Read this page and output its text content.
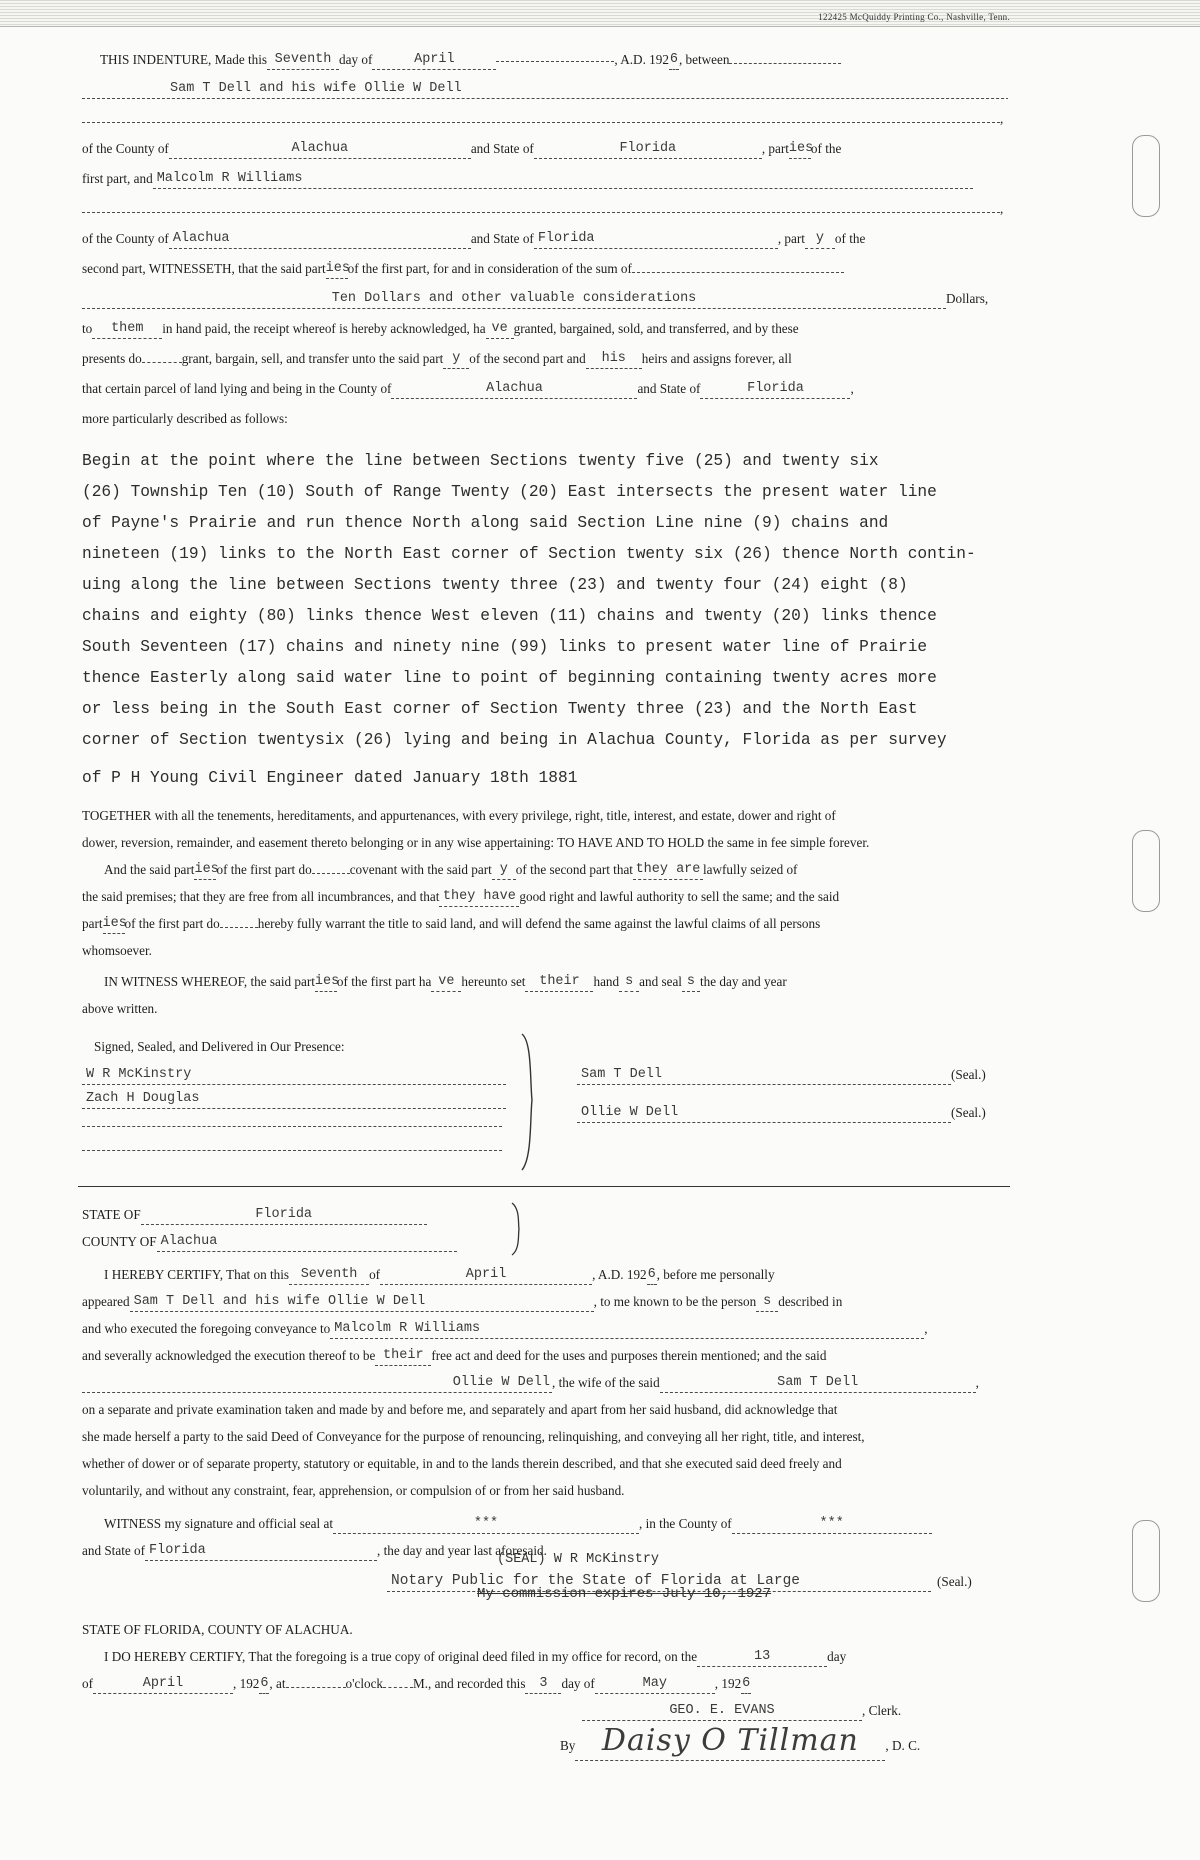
122425 McQuiddy Printing Co., Nashville, Tenn.
THIS INDENTURE, Made this Seventh day of	April	, A.D. 1926, between
Sam T Dell and his wife Ollie W Dell
,
of the County of	Alachua	and State of	Florida	, partiesof the
first part, and Malcolm R Williams
,
of the County of Alachua	and State of Florida	, part y of the
second part, WITNESSETH, that the said partiesof the first part, for and in consideration of the sum of
Ten Dollars and other valuable considerations	Dollars,
to them in hand paid, the receipt whereof is hereby acknowledged, ha ve granted, bargained, sold, and transferred, and by these
presents do	grant, bargain, sell, and transfer unto the said part y of the second part and his heirs and assigns forever, all
that certain parcel of land lying and being in the County of	Alachua	and State of	Florida	,
more particularly described as follows:
Begin at the point where the line between Sections twenty five (25) and twenty six
(26) Township Ten (10) South of Range Twenty (20) East intersects the present water line
of Payne's Prairie and run thence North along said Section Line nine (9) chains and
nineteen (19) links to the North East corner of Section twenty six (26) thence North contin-
uing along the line between Sections twenty three (23) and twenty four (24) eight (8)
chains and eighty (80) links thence West eleven (11) chains and twenty (20) links thence
South Seventeen (17) chains and ninety nine (99) links to present water line of Prairie
thence Easterly along said water line to point of beginning containing twenty acres more
or less being in the South East corner of Section Twenty three (23) and the North East
corner of Section twentysix (26) lying and being in Alachua County, Florida as per survey
of P H Young Civil Engineer dated January 18th 1881
TOGETHER with all the tenements, hereditaments, and appurtenances, with every privilege, right, title, interest, and estate, dower and right of
dower, reversion, remainder, and easement thereto belonging or in any wise appertaining: TO HAVE AND TO HOLD the same in fee simple forever.
And the said partiesof the first part do	covenant with the said part y of the second part that they are lawfully seized of
the said premises; that they are free from all incumbrances, and that they have good right and lawful authority to sell the same; and the said
partiesof the first part do	hereby fully warrant the title to said land, and will defend the same against the lawful claims of all persons
whomsoever.
IN WITNESS WHEREOF, the said partiesof the first part ha ve hereunto set their hand s and seal s the day and year
above written.
Signed, Sealed, and Delivered in Our Presence:
W R McKinstry
Zach H Douglas
Sam T Dell	(Seal.)
Ollie W Dell	(Seal.)
STATE OF	Florida
COUNTY OF Alachua
I HEREBY CERTIFY, That on this Seventh of	April	, A.D. 1926, before me personally
appeared Sam T Dell and his wife Ollie W Dell	, to me known to be the person s described in
and who executed the foregoing conveyance to Malcolm R Williams	,
and severally acknowledged the execution thereof to be their free act and deed for the uses and purposes therein mentioned; and the said
Ollie W Dell , the wife of the said	Sam T Dell	,
on a separate and private examination taken and made by and before me, and separately and apart from her said husband, did acknowledge that
she made herself a party to the said Deed of Conveyance for the purpose of renouncing, relinquishing, and conveying all her right, title, and interest,
whether of dower or of separate property, statutory or equitable, in and to the lands therein described, and that she executed said deed freely and
voluntarily, and without any constraint, fear, apprehension, or compulsion of or from her said husband.
WITNESS my signature and official seal at	***	, in the County of	***
and State of Florida	, the day and year last aforesaid.
(SEAL) W R McKinstry
Notary Public for the State of Florida at Large	(Seal.)
My commission expires July 10, 1927
STATE OF FLORIDA, COUNTY OF ALACHUA.
I DO HEREBY CERTIFY, That the foregoing is a true copy of original deed filed in my office for record, on the	13	day
of	April	, 1926, at	o'clock M., and recorded this 3 day of	May	, 1926
GEO. E. EVANS	, Clerk.
By Daisy O Tillman , D. C.
